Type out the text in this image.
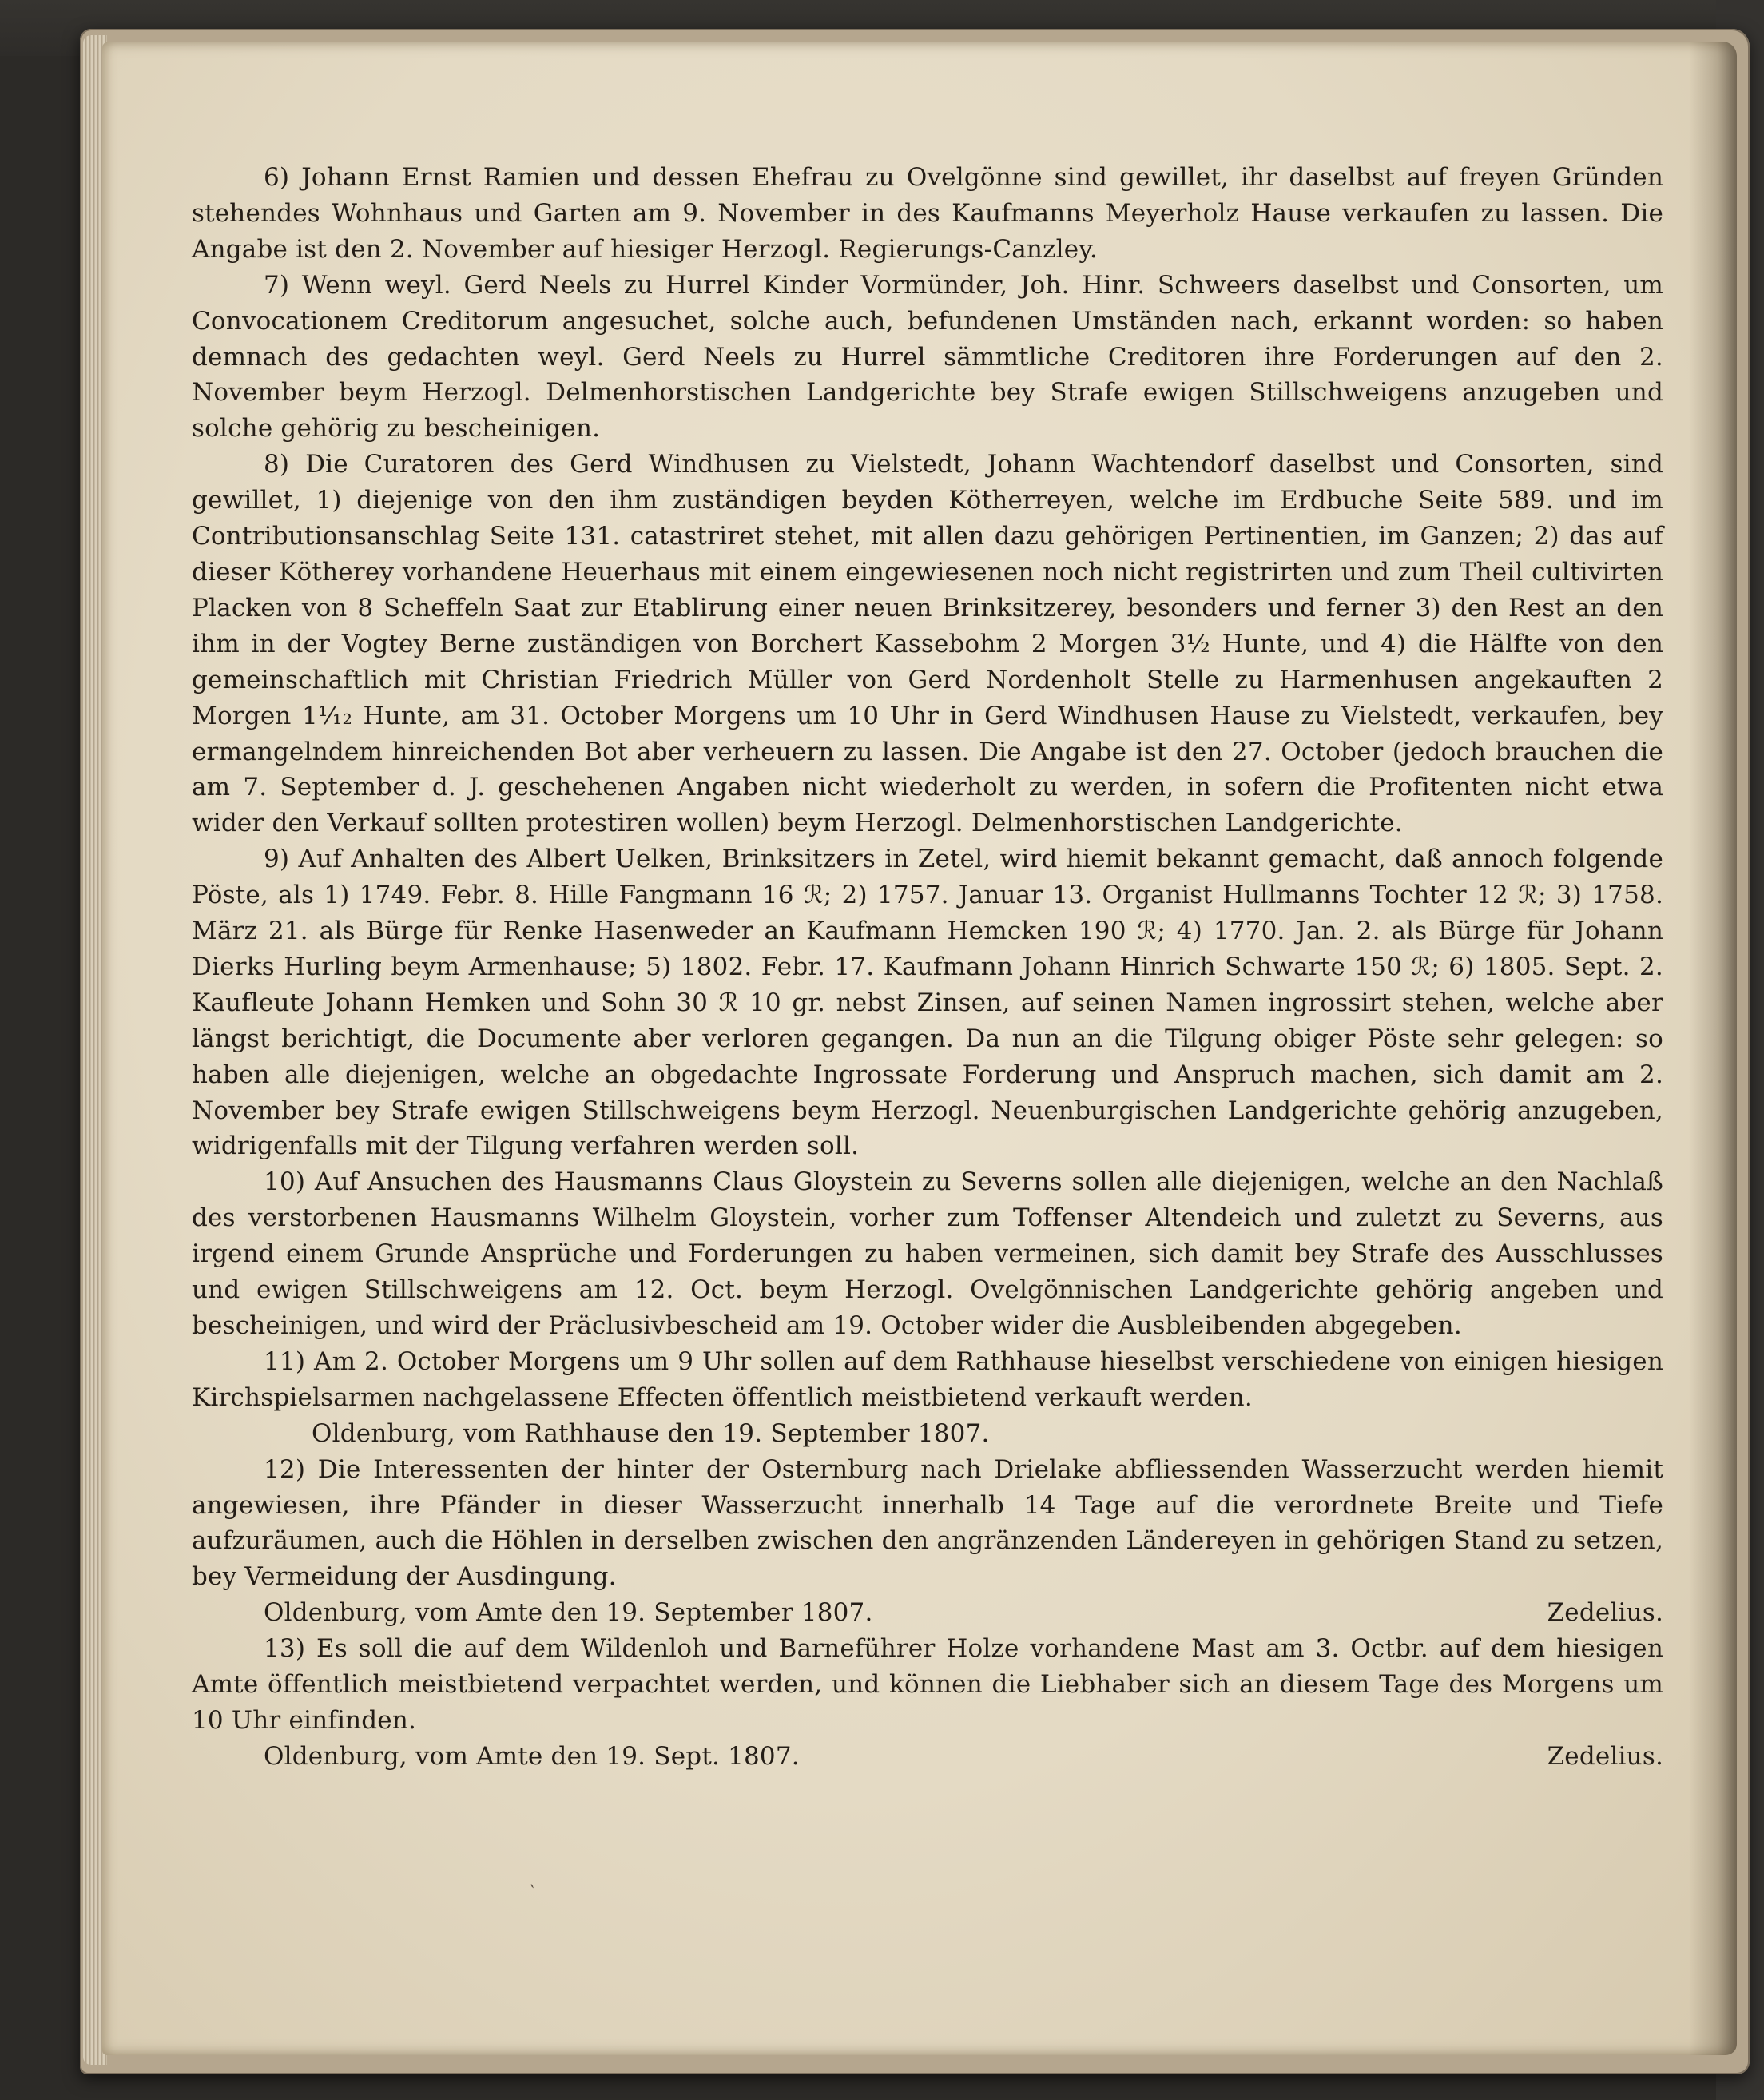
6) Johann Ernst Ramien und dessen Ehefrau zu Ovelgönne sind gewillet, ihr daselbst auf freyen Gründen stehendes Wohnhaus und Garten am 9. November in des Kaufmanns Meyerholz Hause verkaufen zu lassen. Die Angabe ist den 2. November auf hiesiger Herzogl. Regierungs-Canzley.

7) Wenn weyl. Gerd Neels zu Hurrel Kinder Vormünder, Joh. Hinr. Schweers daselbst und Consorten, um Convocationem Creditorum angesuchet, solche auch, befundenen Umständen nach, erkannt worden: so haben demnach des gedachten weyl. Gerd Neels zu Hurrel sämmtliche Creditoren ihre Forderungen auf den 2. November beym Herzogl. Delmenhorstischen Landgerichte bey Strafe ewigen Stillschweigens anzugeben und solche gehörig zu bescheinigen.

8) Die Curatoren des Gerd Windhusen zu Vielstedt, Johann Wachtendorf daselbst und Consorten, sind gewillet, 1) diejenige von den ihm zuständigen beyden Kötherreyen, welche im Erdbuche Seite 589. und im Contributionsanschlag Seite 131. catastriret stehet, mit allen dazu gehörigen Pertinentien, im Ganzen; 2) das auf dieser Kötherey vorhandene Heuerhaus mit einem eingewiesenen noch nicht registrirten und zum Theil cultivirten Placken von 8 Scheffeln Saat zur Etablirung einer neuen Brinksitzerey, besonders und ferner 3) den Rest an den ihm in der Vogtey Berne zuständigen von Borchert Kassebohm 2 Morgen 3½ Hunte, und 4) die Hälfte von den gemeinschaftlich mit Christian Friedrich Müller von Gerd Nordenholt Stelle zu Harmenhusen angekauften 2 Morgen 1¹⁄₁₂ Hunte, am 31. October Morgens um 10 Uhr in Gerd Windhusen Hause zu Vielstedt, verkaufen, bey ermangelndem hinreichenden Bot aber verheuern zu lassen. Die Angabe ist den 27. October (jedoch brauchen die am 7. September d. J. geschehenen Angaben nicht wiederholt zu werden, in sofern die Profitenten nicht etwa wider den Verkauf sollten protestiren wollen) beym Herzogl. Delmenhorstischen Landgerichte.

9) Auf Anhalten des Albert Uelken, Brinksitzers in Zetel, wird hiemit bekannt gemacht, daß annoch folgende Pöste, als 1) 1749. Febr. 8. Hille Fangmann 16 ℛ︎; 2) 1757. Januar 13. Organist Hullmanns Tochter 12 ℛ︎; 3) 1758. März 21. als Bürge für Renke Hasenweder an Kaufmann Hemcken 190 ℛ︎; 4) 1770. Jan. 2. als Bürge für Johann Dierks Hurling beym Armenhause; 5) 1802. Febr. 17. Kaufmann Johann Hinrich Schwarte 150 ℛ︎; 6) 1805. Sept. 2. Kaufleute Johann Hemken und Sohn 30 ℛ︎ 10 gr. nebst Zinsen, auf seinen Namen ingrossirt stehen, welche aber längst berichtigt, die Documente aber verloren gegangen. Da nun an die Tilgung obiger Pöste sehr gelegen: so haben alle diejenigen, welche an obgedachte Ingrossate Forderung und Anspruch machen, sich damit am 2. November bey Strafe ewigen Stillschweigens beym Herzogl. Neuenburgischen Landgerichte gehörig anzugeben, widrigenfalls mit der Tilgung verfahren werden soll.

10) Auf Ansuchen des Hausmanns Claus Gloystein zu Severns sollen alle diejenigen, welche an den Nachlaß des verstorbenen Hausmanns Wilhelm Gloystein, vorher zum Toffenser Altendeich und zuletzt zu Severns, aus irgend einem Grunde Ansprüche und Forderungen zu haben vermeinen, sich damit bey Strafe des Ausschlusses und ewigen Stillschweigens am 12. Oct. beym Herzogl. Ovelgönnischen Landgerichte gehörig angeben und bescheinigen, und wird der Präclusivbescheid am 19. October wider die Ausbleibenden abgegeben.

11) Am 2. October Morgens um 9 Uhr sollen auf dem Rathhause hieselbst verschiedene von einigen hiesigen Kirchspielsarmen nachgelassene Effecten öffentlich meistbietend verkauft werden.

Oldenburg, vom Rathhause den 19. September 1807.

12) Die Interessenten der hinter der Osternburg nach Drielake abfliessenden Wasserzucht werden hiemit angewiesen, ihre Pfänder in dieser Wasserzucht innerhalb 14 Tage auf die verordnete Breite und Tiefe aufzuräumen, auch die Höhlen in derselben zwischen den angränzenden Ländereyen in gehörigen Stand zu setzen, bey Vermeidung der Ausdingung.

Oldenburg, vom Amte den 19. September 1807.	Zedelius.

13) Es soll die auf dem Wildenloh und Barneführer Holze vorhandene Mast am 3. Octbr. auf dem hiesigen Amte öffentlich meistbietend verpachtet werden, und können die Liebhaber sich an diesem Tage des Morgens um 10 Uhr einfinden.

Oldenburg, vom Amte den 19. Sept. 1807.	Zedelius.
ˏ
